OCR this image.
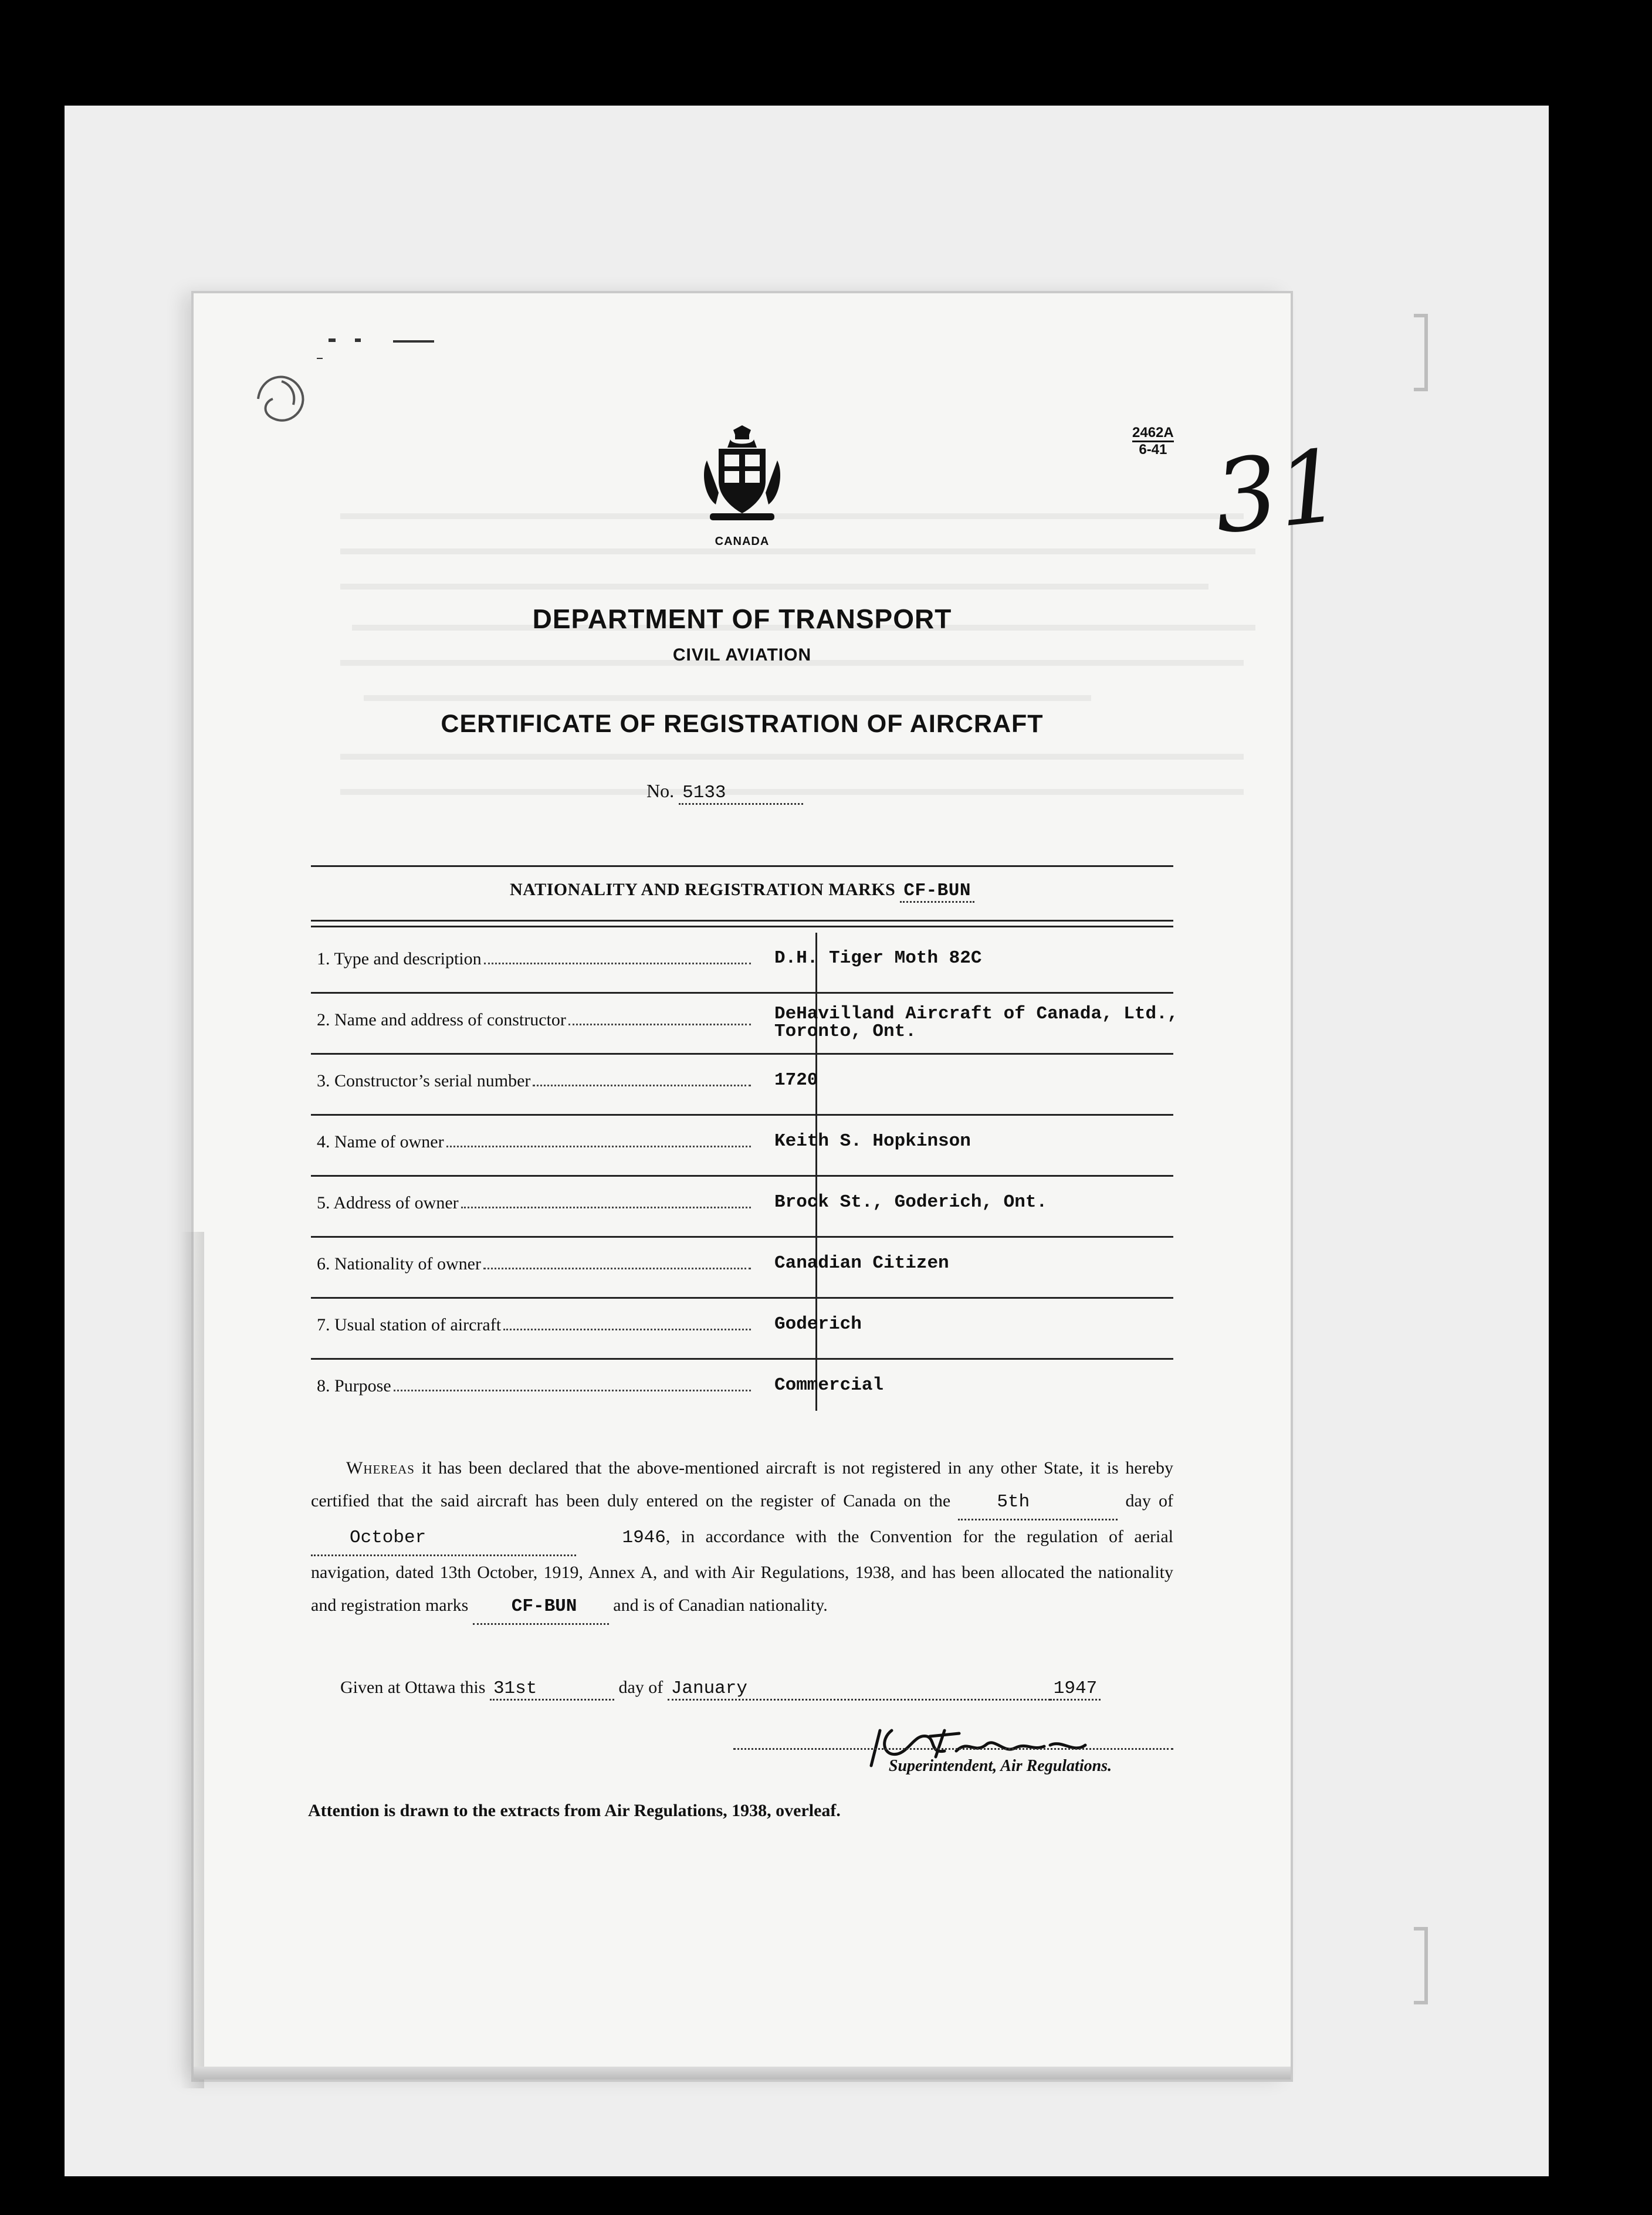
31
2462A
6-41
CANADA
DEPARTMENT OF TRANSPORT
CIVIL AVIATION
CERTIFICATE OF REGISTRATION OF AIRCRAFT
No. 5133
NATIONALITY AND REGISTRATION MARKS CF-BUN
1. Type and description	D.H. Tiger Moth 82C
2. Name and address of constructor	DeHavilland Aircraft of Canada, Ltd.,
Toronto, Ont.
3. Constructor’s serial number	1720
4. Name of owner	Keith S. Hopkinson
5. Address of owner	Brock St., Goderich, Ont.
6. Nationality of owner	Canadian Citizen
7. Usual station of aircraft	Goderich
8. Purpose	Commercial

Whereas it has been declared that the above-mentioned aircraft is not registered in any other State, it is hereby certified that the said aircraft has been duly entered on the register of Canada on the	5th	day of October	1946, in accordance with the Convention for the regulation of aerial navigation, dated 13th October, 1919, Annex A, and with Air Regulations, 1938, and has been allocated the nationality and registration marks CF-BUN and is of Canadian nationality.

Given at Ottawa this 31st	day of January	1947
Superintendent, Air Regulations.
Attention is drawn to the extracts from Air Regulations, 1938, overleaf.
